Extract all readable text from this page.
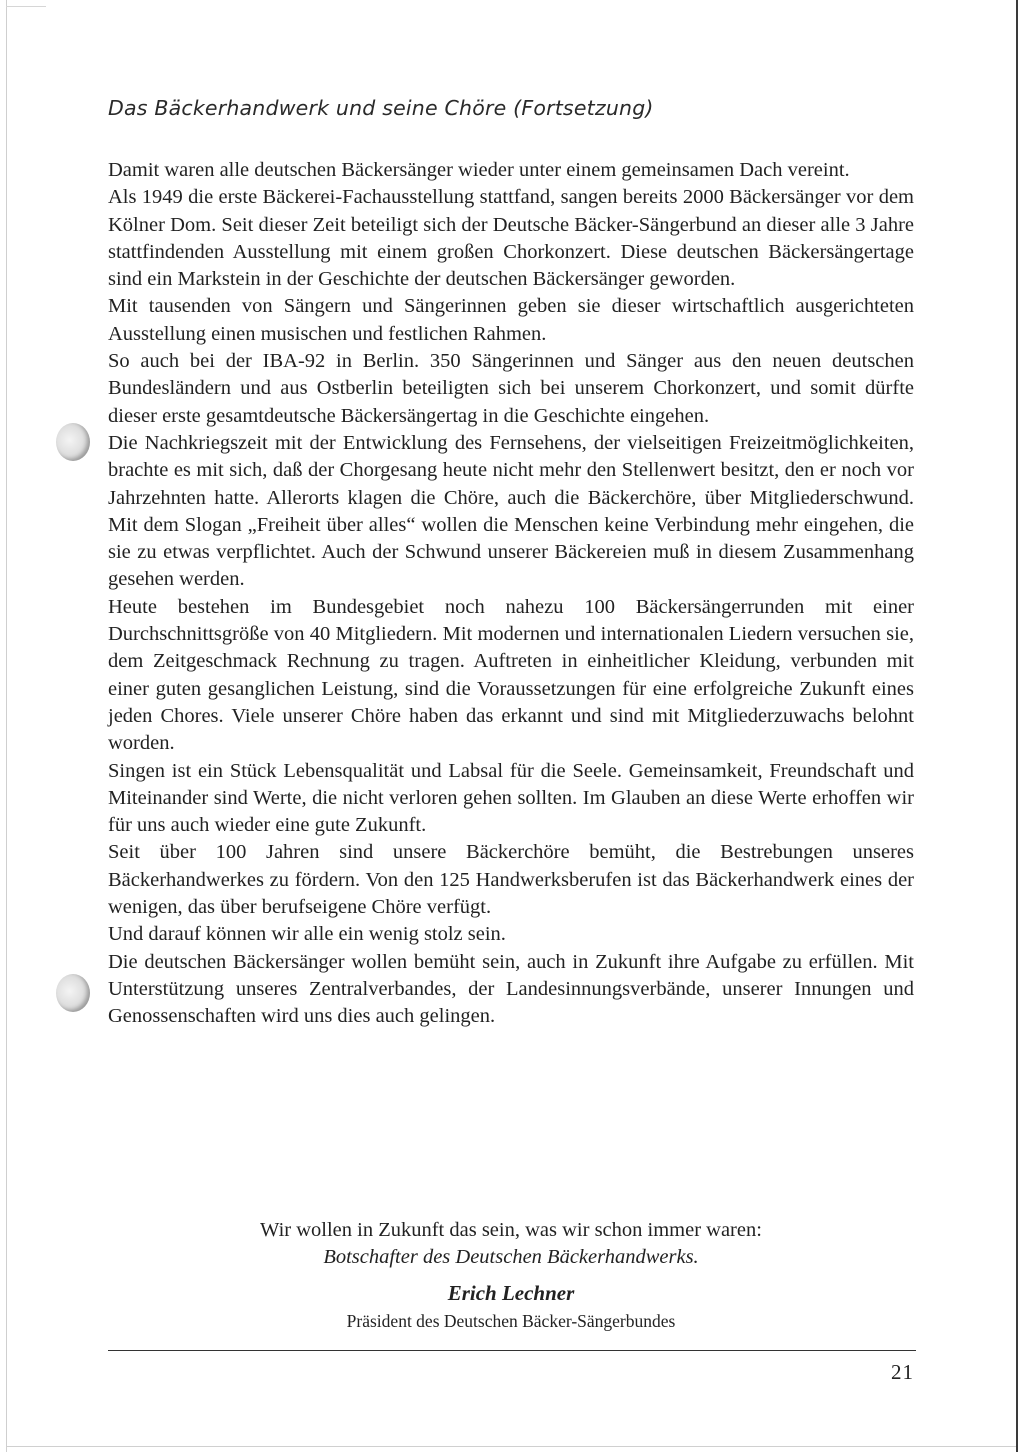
Das Bäckerhandwerk und seine Chöre (Fortsetzung)

Damit waren alle deutschen Bäckersänger wieder unter einem gemeinsamen Dach vereint.

Als 1949 die erste Bäckerei-Fachausstellung stattfand, sangen bereits 2000 Bäckersänger vor dem Kölner Dom. Seit dieser Zeit beteiligt sich der Deutsche Bäcker-Sängerbund an dieser alle 3 Jahre stattfindenden Ausstellung mit einem großen Chorkonzert. Diese deutschen Bäckersängertage sind ein Markstein in der Geschichte der deutschen Bäckersänger geworden.

Mit tausenden von Sängern und Sängerinnen geben sie dieser wirtschaftlich ausgerichteten Ausstellung einen musischen und festlichen Rahmen.

So auch bei der IBA-92 in Berlin. 350 Sängerinnen und Sänger aus den neuen deutschen Bundesländern und aus Ostberlin beteiligten sich bei unserem Chorkonzert, und somit dürfte dieser erste gesamtdeutsche Bäckersängertag in die Geschichte eingehen.

Die Nachkriegszeit mit der Entwicklung des Fernsehens, der vielseitigen Freizeitmöglichkeiten, brachte es mit sich, daß der Chorgesang heute nicht mehr den Stellenwert besitzt, den er noch vor Jahrzehnten hatte. Allerorts klagen die Chöre, auch die Bäckerchöre, über Mitgliederschwund. Mit dem Slogan „Freiheit über alles“ wollen die Menschen keine Verbindung mehr eingehen, die sie zu etwas verpflichtet. Auch der Schwund unserer Bäckereien muß in diesem Zusammenhang gesehen werden.

Heute bestehen im Bundesgebiet noch nahezu 100 Bäckersängerrunden mit einer Durchschnittsgröße von 40 Mitgliedern. Mit modernen und internationalen Liedern versuchen sie, dem Zeitgeschmack Rechnung zu tragen. Auftreten in einheitlicher Kleidung, verbunden mit einer guten gesanglichen Leistung, sind die Voraussetzungen für eine erfolgreiche Zukunft eines jeden Chores. Viele unserer Chöre haben das erkannt und sind mit Mitgliederzuwachs belohnt worden.

Singen ist ein Stück Lebensqualität und Labsal für die Seele. Gemeinsamkeit, Freundschaft und Miteinander sind Werte, die nicht verloren gehen sollten. Im Glauben an diese Werte erhoffen wir für uns auch wieder eine gute Zukunft.

Seit über 100 Jahren sind unsere Bäckerchöre bemüht, die Bestrebungen unseres Bäckerhandwerkes zu fördern. Von den 125 Handwerksberufen ist das Bäckerhandwerk eines der wenigen, das über berufseigene Chöre verfügt.

Und darauf können wir alle ein wenig stolz sein.

Die deutschen Bäckersänger wollen bemüht sein, auch in Zukunft ihre Aufgabe zu erfüllen. Mit Unterstützung unseres Zentralverbandes, der Landesinnungsverbände, unserer Innungen und Genossenschaften wird uns dies auch gelingen.

Wir wollen in Zukunft das sein, was wir schon immer waren:
Botschafter des Deutschen Bäckerhandwerks.
Erich Lechner
Präsident des Deutschen Bäcker-Sängerbundes
21
